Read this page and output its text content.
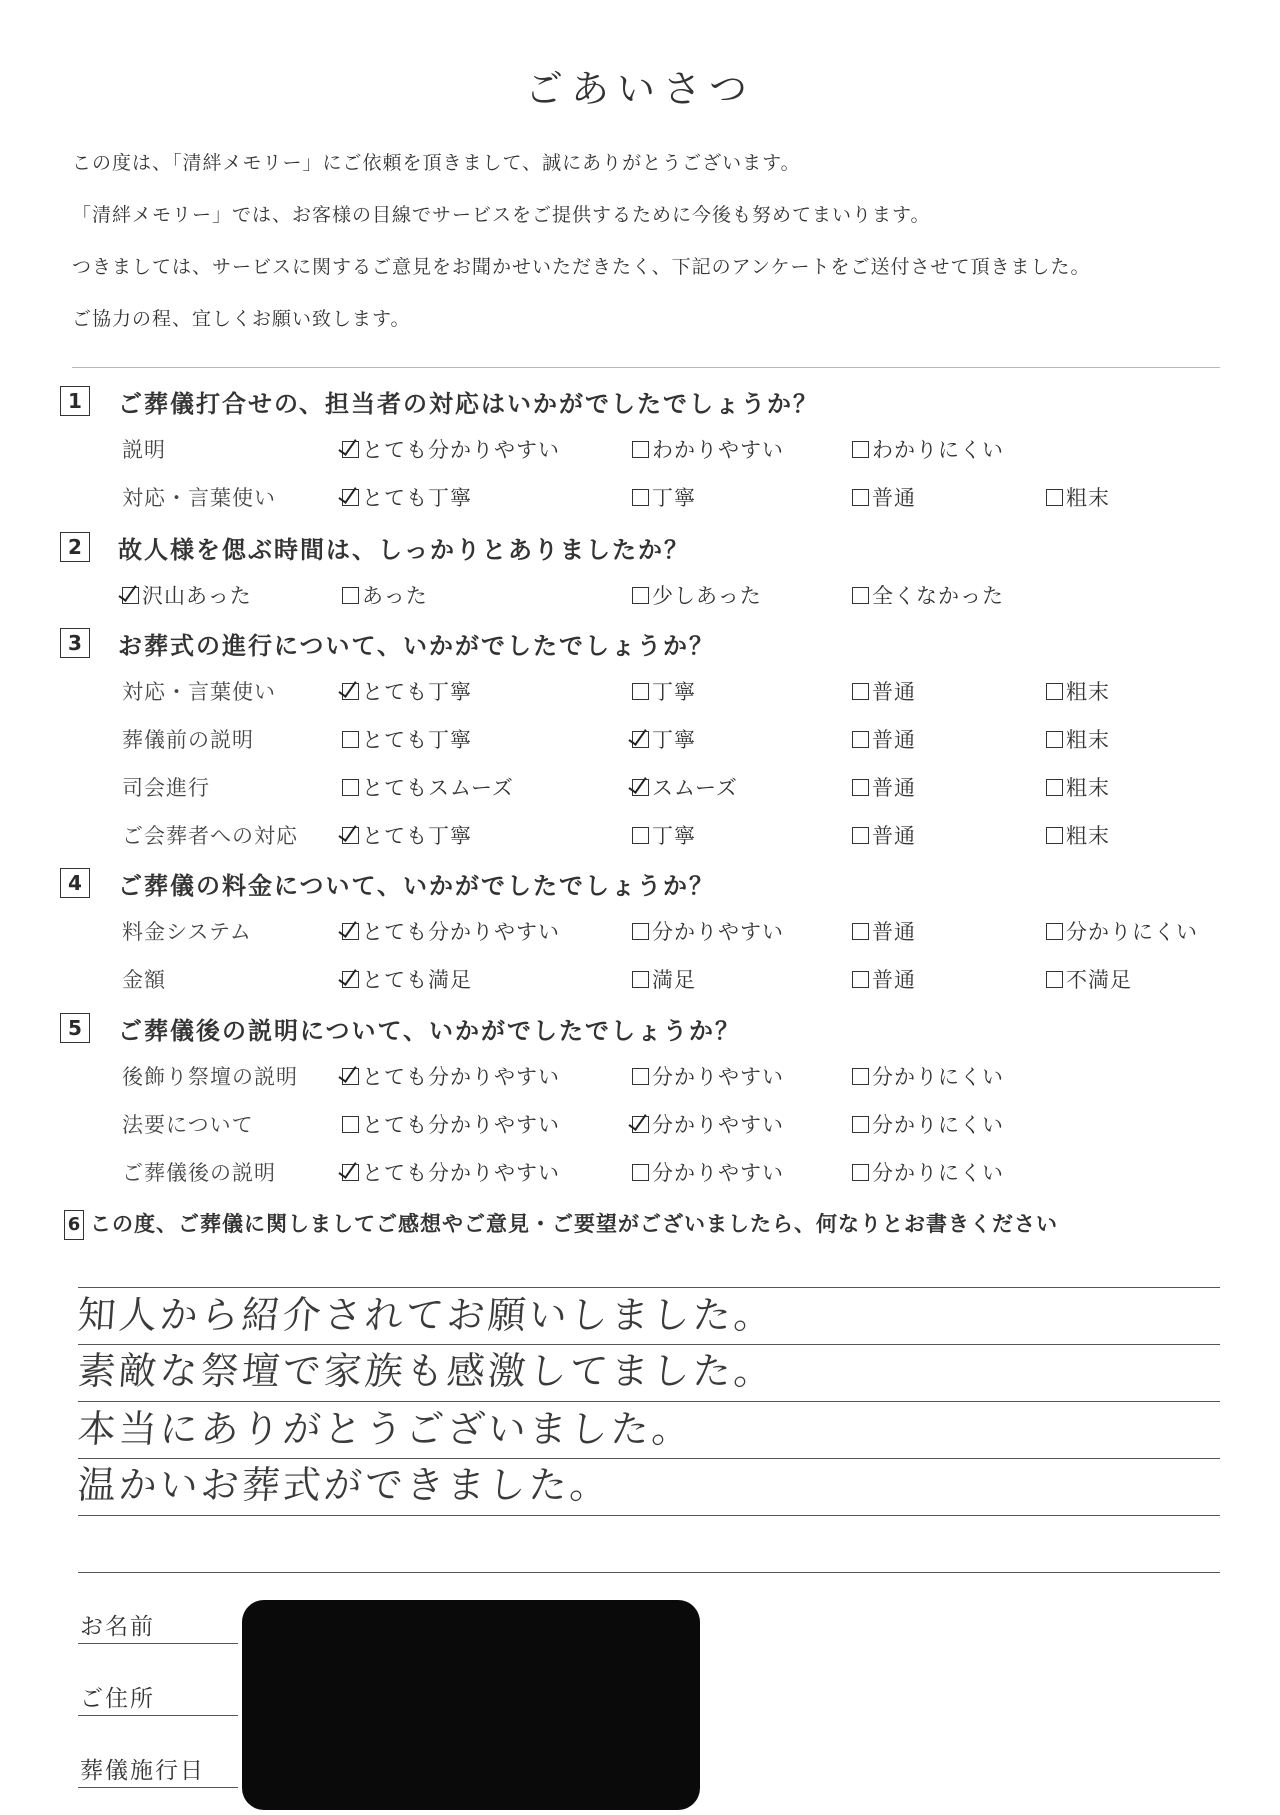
ごあいさつ
この度は、「清絆メモリー」にご依頼を頂きまして、誠にありがとうございます。
「清絆メモリー」では、お客様の目線でサービスをご提供するために今後も努めてまいります。
つきましては、サービスに関するご意見をお聞かせいただきたく、下記のアンケートをご送付させて頂きました。
ご協力の程、宜しくお願い致します。
1	ご葬儀打合せの、担当者の対応はいかがでしたでしょうか？
説明	とても分かりやすい	わかりやすい	わかりにくい
対応・言葉使い	とても丁寧	丁寧	普通	粗末
2	故人様を偲ぶ時間は、しっかりとありましたか？
沢山あった	あった	少しあった	全くなかった
3	お葬式の進行について、いかがでしたでしょうか？
対応・言葉使い	とても丁寧	丁寧	普通	粗末
葬儀前の説明	とても丁寧	丁寧	普通	粗末
司会進行	とてもスムーズ	スムーズ	普通	粗末
ご会葬者への対応	とても丁寧	丁寧	普通	粗末
4	ご葬儀の料金について、いかがでしたでしょうか？
料金システム	とても分かりやすい	分かりやすい	普通	分かりにくい
金額	とても満足	満足	普通	不満足
5	ご葬儀後の説明について、いかがでしたでしょうか？
後飾り祭壇の説明	とても分かりやすい	分かりやすい	分かりにくい
法要について	とても分かりやすい	分かりやすい	分かりにくい
ご葬儀後の説明	とても分かりやすい	分かりやすい	分かりにくい
6 この度、ご葬儀に関しましてご感想やご意見・ご要望がございましたら、何なりとお書きください
知人から紹介されてお願いしました。
素敵な祭壇で家族も感激してました。
本当にありがとうございました。
温かいお葬式ができました。
お名前
ご住所
葬儀施行日
